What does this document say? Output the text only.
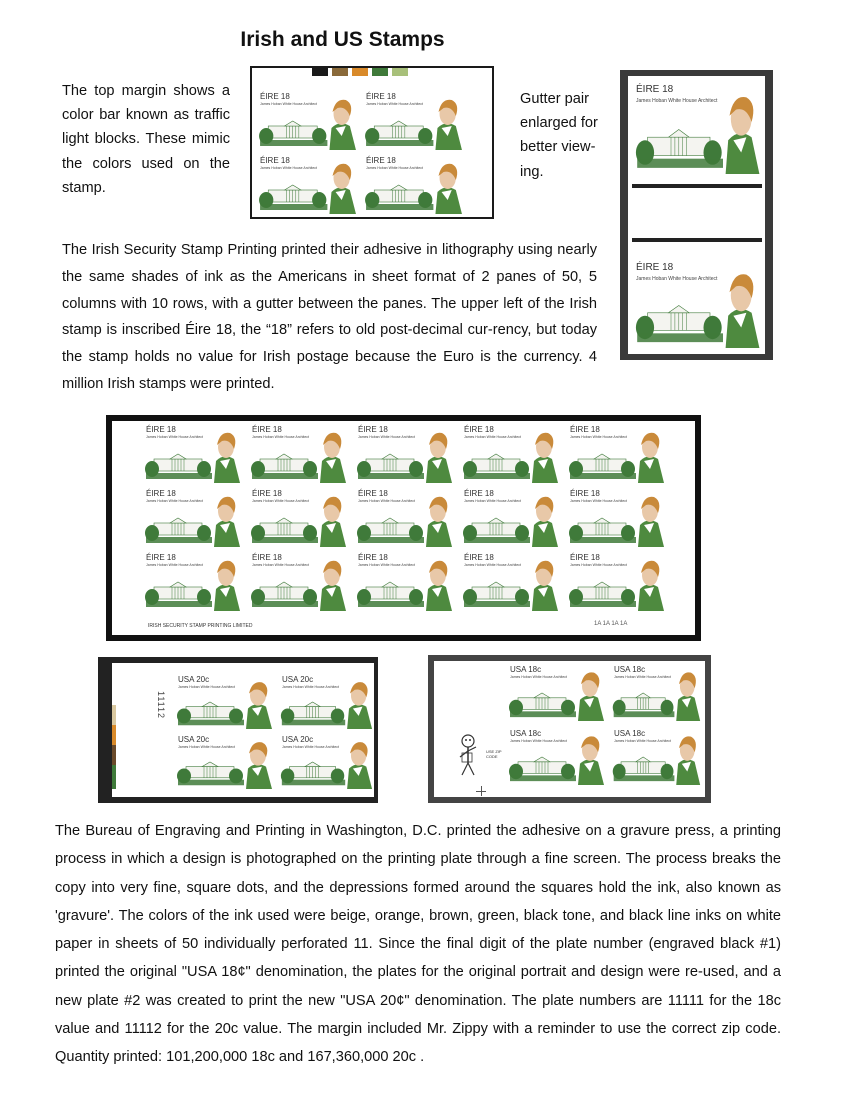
Irish and US Stamps
The top margin shows a color bar known as traffic light blocks. These mimic the colors used on the stamp.
Gutter pair enlarged for better view-ing.
The Irish Security Stamp Printing printed their adhesive in lithography using nearly the same shades of ink as the Americans in sheet format of 2 panes of 50, 5 columns with 10 rows, with a gutter between the panes. The upper left of the Irish stamp is inscribed Éire 18, the “18” refers to old post-decimal cur-rency, but today the stamp holds no value for Irish postage because the Euro is the currency. 4 million Irish stamps were printed.
The Bureau of Engraving and Printing in Washington, D.C. printed the adhesive on a gravure press, a printing process in which a design is photographed on the printing plate through a fine screen. The process breaks the copy into very fine, square dots, and the depressions formed around the squares hold the ink, also known as 'gravure'. The colors of the ink used were beige, orange, brown, green, black tone, and black line inks on white paper in sheets of 50 individually perforated 11. Since the final digit of the plate number (engraved black #1) printed the original "USA 18¢" denomination, the plates for the original portrait and design were re-used, and a new plate #2 was created to print the new "USA 20¢" denomination. The plate numbers are 11111 for the 18c value and 11112 for the 20c value. The margin included Mr. Zippy with a reminder to use the correct zip code. Quantity printed: 101,200,000 18c and 167,360,000 20c .
ÉIRE 18
James Hoban White House Architect
ÉIRE 18
James Hoban White House Architect
ÉIRE 18
James Hoban White House Architect
ÉIRE 18
James Hoban White House Architect
ÉIRE 18
James Hoban White House Architect
ÉIRE 18
James Hoban White House Architect
IRISH SECURITY STAMP PRINTING LIMITED	1A 1A 1A 1A
ÉIRE 18
James Hoban White House Architect
ÉIRE 18
James Hoban White House Architect
ÉIRE 18
James Hoban White House Architect
ÉIRE 18
James Hoban White House Architect
ÉIRE 18
James Hoban White House Architect
ÉIRE 18
James Hoban White House Architect
ÉIRE 18
James Hoban White House Architect
ÉIRE 18
James Hoban White House Architect
ÉIRE 18
James Hoban White House Architect
ÉIRE 18
James Hoban White House Architect
ÉIRE 18
James Hoban White House Architect
ÉIRE 18
James Hoban White House Architect
ÉIRE 18
James Hoban White House Architect
ÉIRE 18
James Hoban White House Architect
ÉIRE 18
James Hoban White House Architect
11112
USA 20c
James Hoban White House Architect
USA 20c
James Hoban White House Architect
USA 20c
James Hoban White House Architect
USA 20c
James Hoban White House Architect
USE ZIP CODE
USA 18c
James Hoban White House Architect
USA 18c
James Hoban White House Architect
USA 18c
James Hoban White House Architect
USA 18c
James Hoban White House Architect
